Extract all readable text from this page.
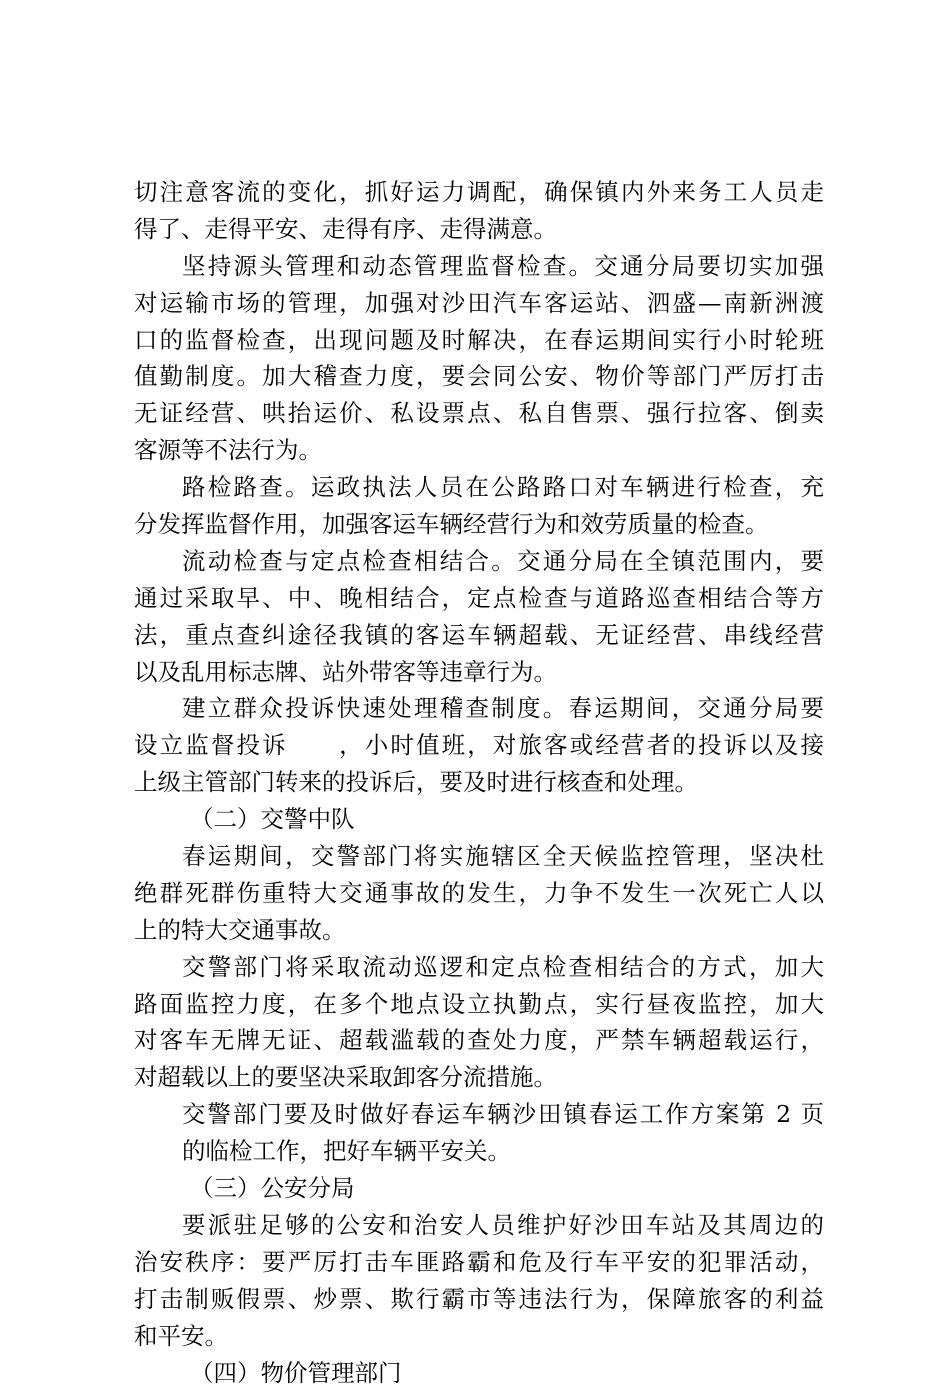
切注意客流的变化，抓好运力调配，确保镇内外来务工人员走
得了、走得平安、走得有序、走得满意。
坚持源头管理和动态管理监督检查。交通分局要切实加强
对运输市场的管理，加强对沙田汽车客运站、泗盛—南新洲渡
口的监督检查，出现问题及时解决，在春运期间实行小时轮班
值勤制度。加大稽查力度，要会同公安、物价等部门严厉打击
无证经营、哄抬运价、私设票点、私自售票、强行拉客、倒卖
客源等不法行为。
路检路查。运政执法人员在公路路口对车辆进行检查，充
分发挥监督作用，加强客运车辆经营行为和效劳质量的检查。
流动检查与定点检查相结合。交通分局在全镇范围内，要
通过采取早、中、晚相结合，定点检查与道路巡查相结合等方
法，重点查纠途径我镇的客运车辆超载、无证经营、串线经营
以及乱用标志牌、站外带客等违章行为。
建立群众投诉快速处理稽查制度。春运期间，交通分局要
设立监督投诉　　，小时值班，对旅客或经营者的投诉以及接
上级主管部门转来的投诉后，要及时进行核查和处理。
（二）交警中队
春运期间，交警部门将实施辖区全天候监控管理，坚决杜
绝群死群伤重特大交通事故的发生，力争不发生一次死亡人以
上的特大交通事故。
交警部门将采取流动巡逻和定点检查相结合的方式，加大
路面监控力度，在多个地点设立执勤点，实行昼夜监控，加大
对客车无牌无证、超载滥载的查处力度，严禁车辆超载运行，
对超载以上的要坚决采取卸客分流措施。
交警部门要及时做好春运车辆沙田镇春运工作方案第 2 页
的临检工作，把好车辆平安关。
（三）公安分局
要派驻足够的公安和治安人员维护好沙田车站及其周边的
治安秩序：要严厉打击车匪路霸和危及行车平安的犯罪活动，
打击制贩假票、炒票、欺行霸市等违法行为，保障旅客的利益
和平安。
（四）物价管理部门
